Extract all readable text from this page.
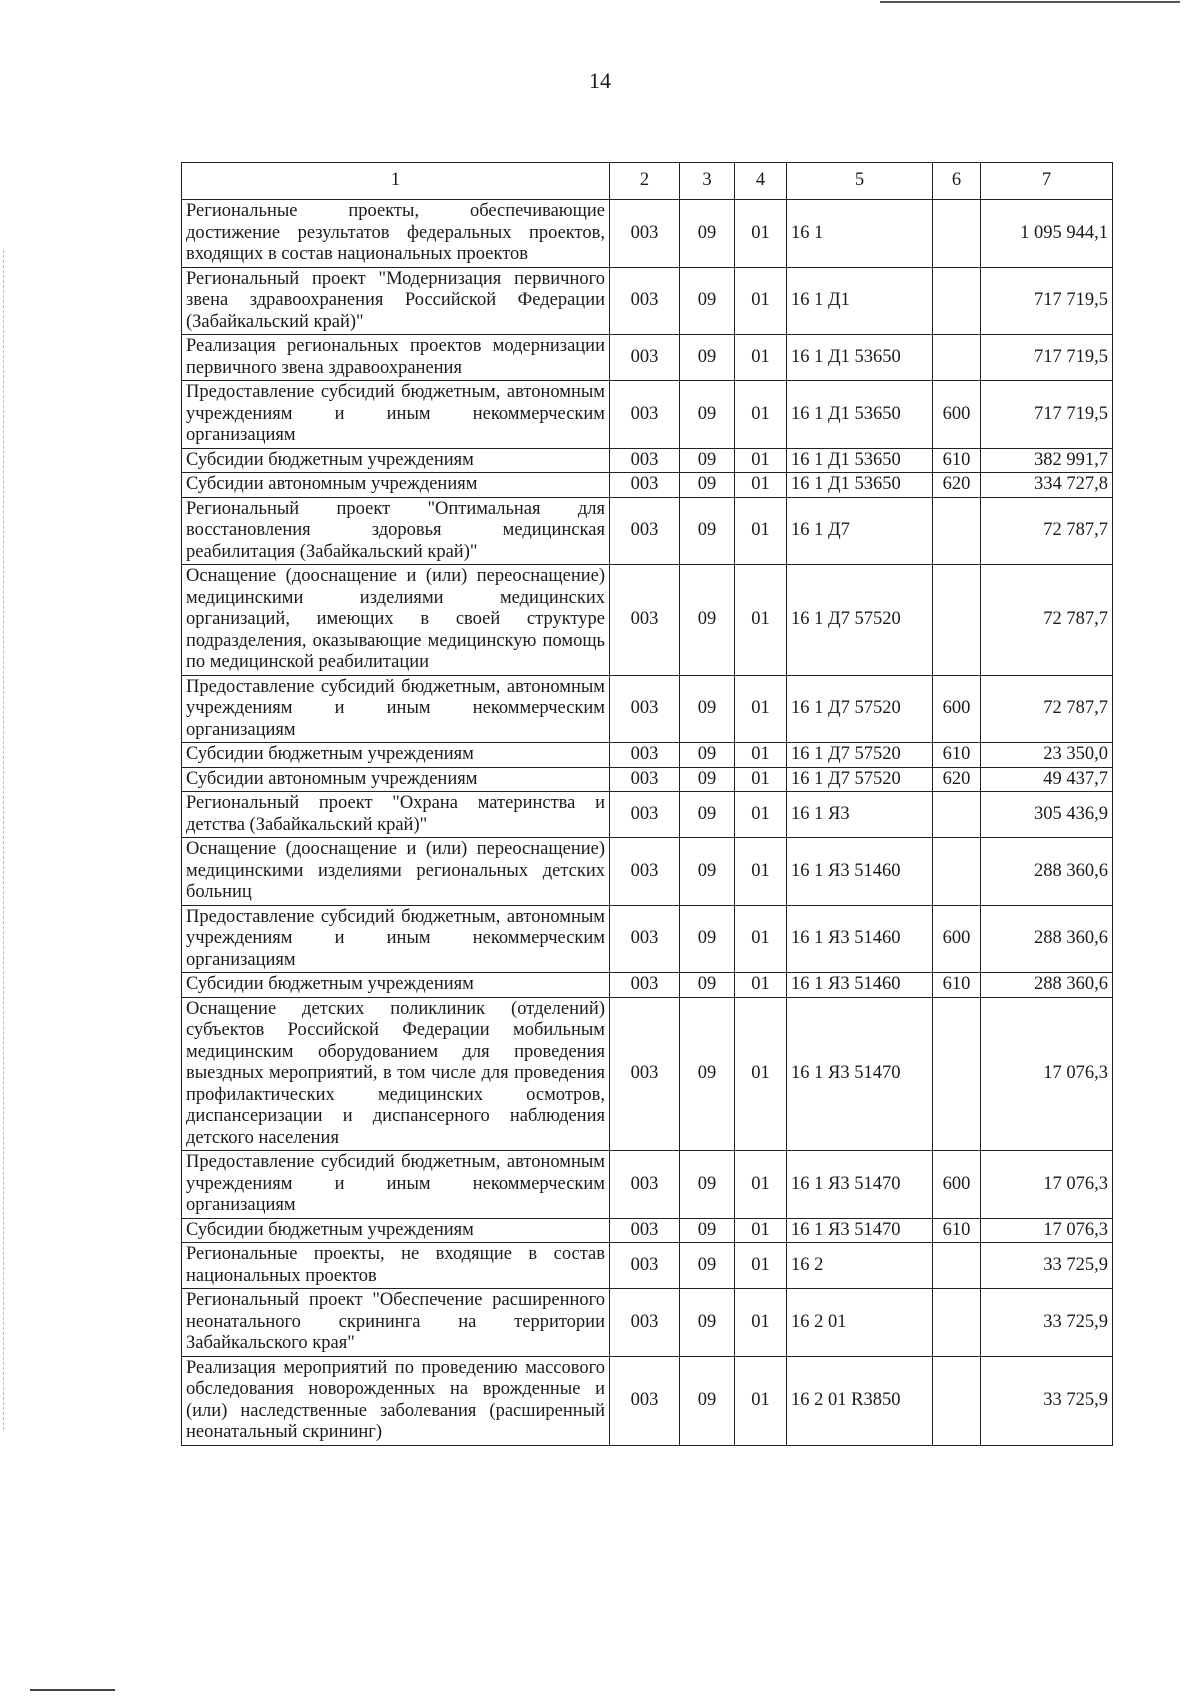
14
1	2	3	4	5	6	7
Региональные проекты, обеспечивающие достижение результатов федеральных проектов, входящих в состав национальных проектов	003	09	01	16 1		1 095 944,1
Региональный проект "Модернизация первичного звена здравоохранения Российской Федерации (Забайкальский край)"	003	09	01	16 1 Д1		717 719,5
Реализация региональных проектов модернизации первичного звена здравоохранения	003	09	01	16 1 Д1 53650		717 719,5
Предоставление субсидий бюджетным, автономным учреждениям и иным некоммерческим организациям	003	09	01	16 1 Д1 53650	600	717 719,5
Субсидии бюджетным учреждениям	003	09	01	16 1 Д1 53650	610	382 991,7
Субсидии автономным учреждениям	003	09	01	16 1 Д1 53650	620	334 727,8
Региональный проект "Оптимальная для восстановления здоровья медицинская реабилитация (Забайкальский край)"	003	09	01	16 1 Д7		72 787,7
Оснащение (дооснащение и (или) переоснащение) медицинскими изделиями медицинских организаций, имеющих в своей структуре подразделения, оказывающие медицинскую помощь по медицинской реабилитации	003	09	01	16 1 Д7 57520		72 787,7
Предоставление субсидий бюджетным, автономным учреждениям и иным некоммерческим организациям	003	09	01	16 1 Д7 57520	600	72 787,7
Субсидии бюджетным учреждениям	003	09	01	16 1 Д7 57520	610	23 350,0
Субсидии автономным учреждениям	003	09	01	16 1 Д7 57520	620	49 437,7
Региональный проект "Охрана материнства и детства (Забайкальский край)"	003	09	01	16 1 Я3		305 436,9
Оснащение (дооснащение и (или) переоснащение) медицинскими изделиями региональных детских больниц	003	09	01	16 1 Я3 51460		288 360,6
Предоставление субсидий бюджетным, автономным учреждениям и иным некоммерческим организациям	003	09	01	16 1 Я3 51460	600	288 360,6
Субсидии бюджетным учреждениям	003	09	01	16 1 Я3 51460	610	288 360,6
Оснащение детских поликлиник (отделений) субъектов Российской Федерации мобильным медицинским оборудованием для проведения выездных мероприятий, в том числе для проведения профилактических медицинских осмотров, диспансеризации и диспансерного наблюдения детского населения	003	09	01	16 1 Я3 51470		17 076,3
Предоставление субсидий бюджетным, автономным учреждениям и иным некоммерческим организациям	003	09	01	16 1 Я3 51470	600	17 076,3
Субсидии бюджетным учреждениям	003	09	01	16 1 Я3 51470	610	17 076,3
Региональные проекты, не входящие в состав национальных проектов	003	09	01	16 2		33 725,9
Региональный проект "Обеспечение расширенного неонатального скрининга на территории Забайкальского края"	003	09	01	16 2 01		33 725,9
Реализация мероприятий по проведению массового обследования новорожденных на врожденные и (или) наследственные заболевания (расширенный неонатальный скрининг)	003	09	01	16 2 01 R3850		33 725,9
